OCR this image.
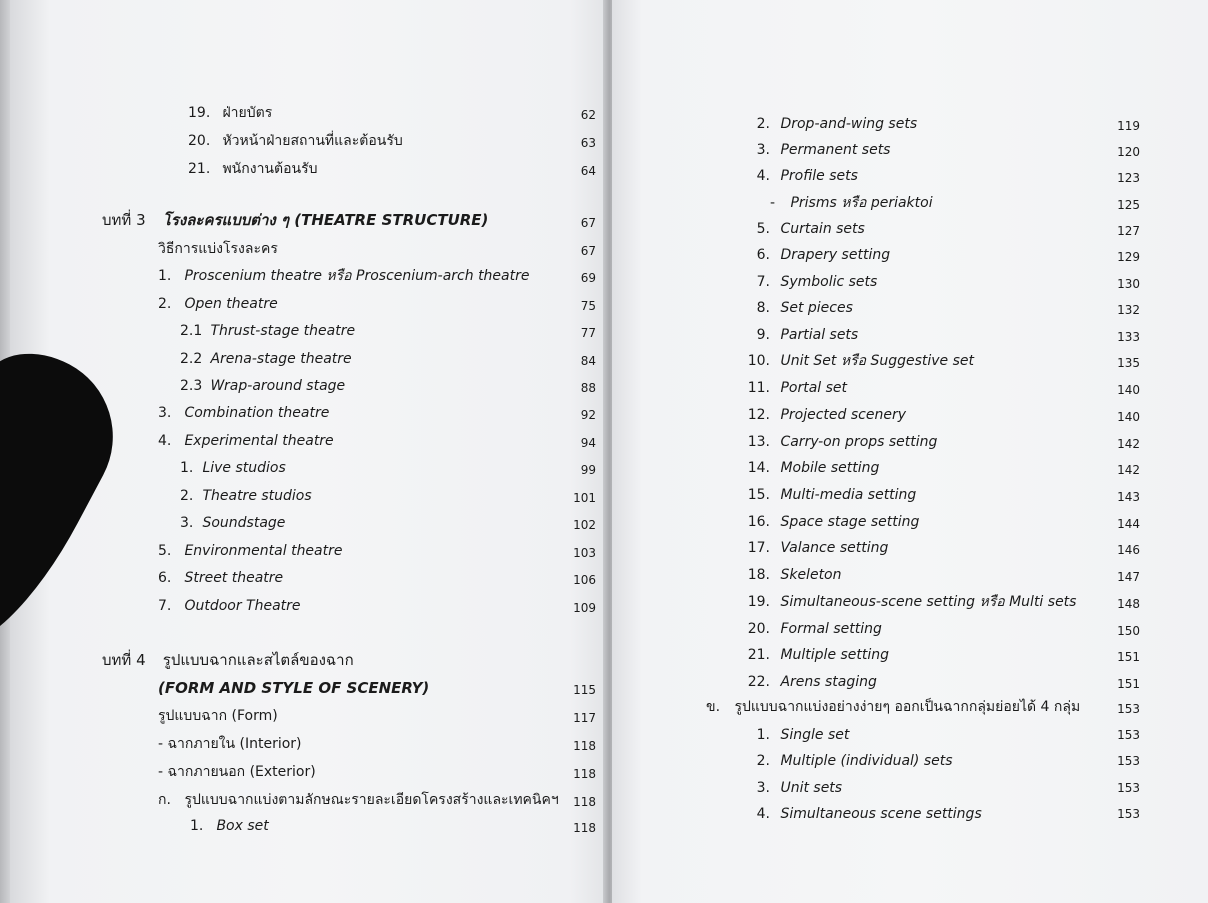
19. ฝ่ายบัตร	62
20. หัวหน้าฝ่ายสถานที่และต้อนรับ	63
21. พนักงานต้อนรับ	64
บทที่ 3 โรงละครแบบต่าง ๆ (THEATRE STRUCTURE)	67
วิธีการแบ่งโรงละคร	67
1. Proscenium theatre หรือ Proscenium-arch theatre	69
2. Open theatre	75
2.1 Thrust-stage theatre	77
2.2 Arena-stage theatre	84
2.3 Wrap-around stage	88
3. Combination theatre	92
4. Experimental theatre	94
1. Live studios	99
2. Theatre studios	101
3. Soundstage	102
5. Environmental theatre	103
6. Street theatre	106
7. Outdoor Theatre	109
บทที่ 4 รูปแบบฉากและสไตล์ของฉาก
(FORM AND STYLE OF SCENERY)	115
รูปแบบฉาก (Form)	117
- ฉากภายใน (Interior)	118
- ฉากภายนอก (Exterior)	118
ก. รูปแบบฉากแบ่งตามลักษณะรายละเอียดโครงสร้างและเทคนิคฯ	118
1. Box set	118
2. Drop-and-wing sets	119
3. Permanent sets	120
4. Profile sets	123
- Prisms หรือ periaktoi	125
5. Curtain sets	127
6. Drapery setting	129
7. Symbolic sets	130
8. Set pieces	132
9. Partial sets	133
10. Unit Set หรือ Suggestive set	135
11. Portal set	140
12. Projected scenery	140
13. Carry-on props setting	142
14. Mobile setting	142
15. Multi-media setting	143
16. Space stage setting	144
17. Valance setting	146
18. Skeleton	147
19. Simultaneous-scene setting หรือ Multi sets	148
20. Formal setting	150
21. Multiple setting	151
22. Arens staging	151
ข. รูปแบบฉากแบ่งอย่างง่ายๆ ออกเป็นฉากกลุ่มย่อยได้ 4 กลุ่ม	153
1. Single set	153
2. Multiple (individual) sets	153
3. Unit sets	153
4. Simultaneous scene settings	153
